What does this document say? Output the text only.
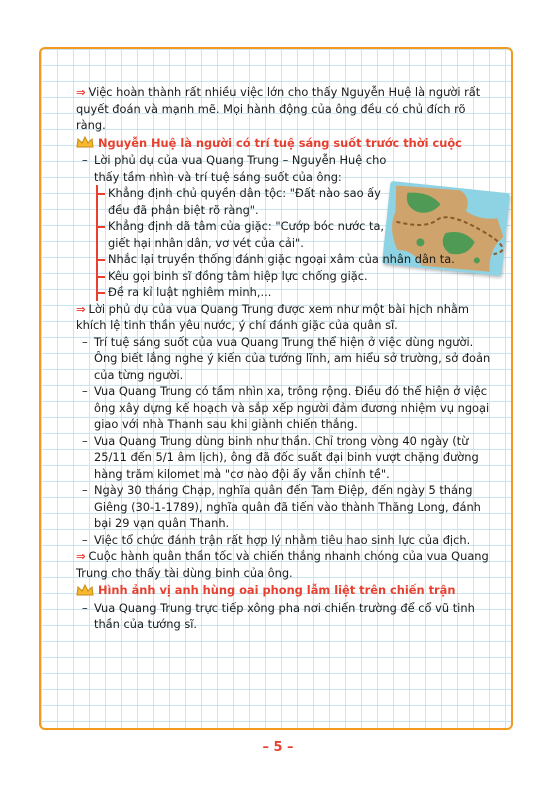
⇒ Việc hoàn thành rất nhiều việc lớn cho thấy Nguyễn Huệ là người rất quyết đoán và mạnh mẽ. Mọi hành động của ông đều có chủ đích rõ ràng.

Nguyễn Huệ là người có trí tuệ sáng suốt trước thời cuộc
– Lời phủ dụ của vua Quang Trung – Nguyễn Huệ cho thấy tầm nhìn và trí tuệ sáng suốt của ông:
Khẳng định chủ quyền dân tộc: "Đất nào sao ấy đều đã phân biệt rõ ràng".
Khẳng định dã tâm của giặc: "Cướp bóc nước ta, giết hại nhân dân, vơ vét của cải".
Nhắc lại truyền thống đánh giặc ngoại xâm của nhân dân ta.
Kêu gọi binh sĩ đồng tâm hiệp lực chống giặc.
Đề ra kỉ luật nghiêm minh,...

⇒ Lời phủ dụ của vua Quang Trung được xem như một bài hịch nhằm khích lệ tinh thần yêu nước, ý chí đánh giặc của quân sĩ.

– Trí tuệ sáng suốt của vua Quang Trung thể hiện ở việc dùng người. Ông biết lắng nghe ý kiến của tướng lĩnh, am hiểu sở trường, sở đoản của từng người.
– Vua Quang Trung có tầm nhìn xa, trông rộng. Điều đó thể hiện ở việc ông xây dựng kế hoạch và sắp xếp người đảm đương nhiệm vụ ngoại giao với nhà Thanh sau khi giành chiến thắng.
– Vua Quang Trung dùng binh như thần. Chỉ trong vòng 40 ngày (từ 25/11 đến 5/1 âm lịch), ông đã đốc suất đại binh vượt chặng đường hàng trăm kilomet mà "cơ nào đội ấy vẫn chỉnh tề".
– Ngày 30 tháng Chạp, nghĩa quân đến Tam Điệp, đến ngày 5 tháng Giêng (30-1-1789), nghĩa quân đã tiến vào thành Thăng Long, đánh bại 29 vạn quân Thanh.
– Việc tổ chức đánh trận rất hợp lý nhằm tiêu hao sinh lực của địch.

⇒ Cuộc hành quân thần tốc và chiến thắng nhanh chóng của vua Quang Trung cho thấy tài dùng binh của ông.

Hình ảnh vị anh hùng oai phong lẫm liệt trên chiến trận
– Vua Quang Trung trực tiếp xông pha nơi chiến trường để cổ vũ tinh thần của tướng sĩ.
– 5 –
